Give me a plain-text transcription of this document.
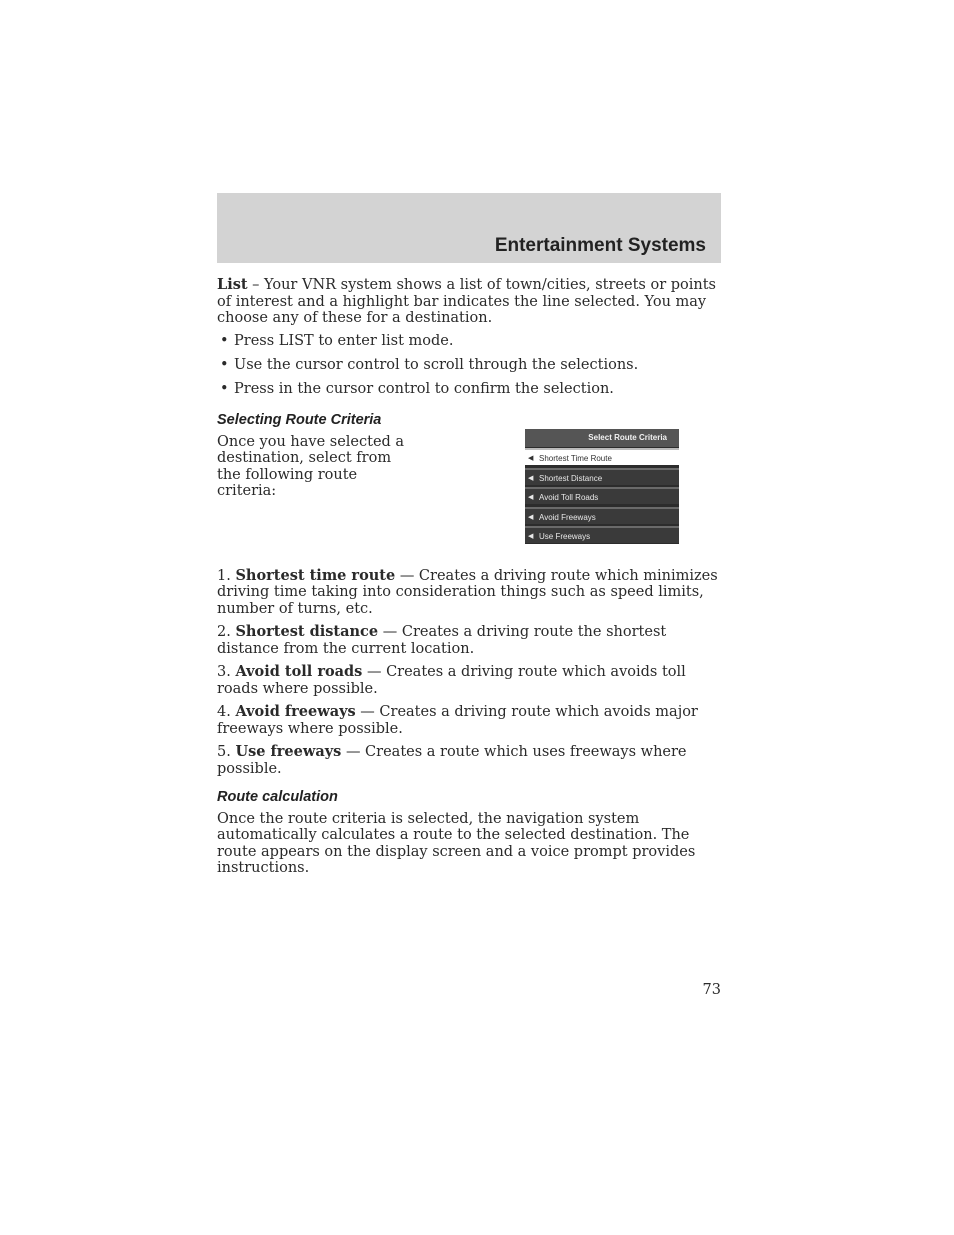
Entertainment Systems

List – Your VNR system shows a list of town/cities, streets or points of interest and a highlight bar indicates the line selected. You may choose any of these for a destination.

• Press LIST to enter list mode.
• Use the cursor control to scroll through the selections.
• Press in the cursor control to confirm the selection.
Selecting Route Criteria

Once you have selected a destination, select from the following route criteria:

Select Route Criteria
◀ Shortest Time Route
◀ Shortest Distance
◀ Avoid Toll Roads
◀ Avoid Freeways
◀ Use Freeways

1. Shortest time route — Creates a driving route which minimizes driving time taking into consideration things such as speed limits, number of turns, etc.

2. Shortest distance — Creates a driving route the shortest distance from the current location.

3. Avoid toll roads — Creates a driving route which avoids toll roads where possible.

4. Avoid freeways — Creates a driving route which avoids major freeways where possible.

5. Use freeways — Creates a route which uses freeways where possible.

Route calculation

Once the route criteria is selected, the navigation system automatically calculates a route to the selected destination. The route appears on the display screen and a voice prompt provides instructions.

73
